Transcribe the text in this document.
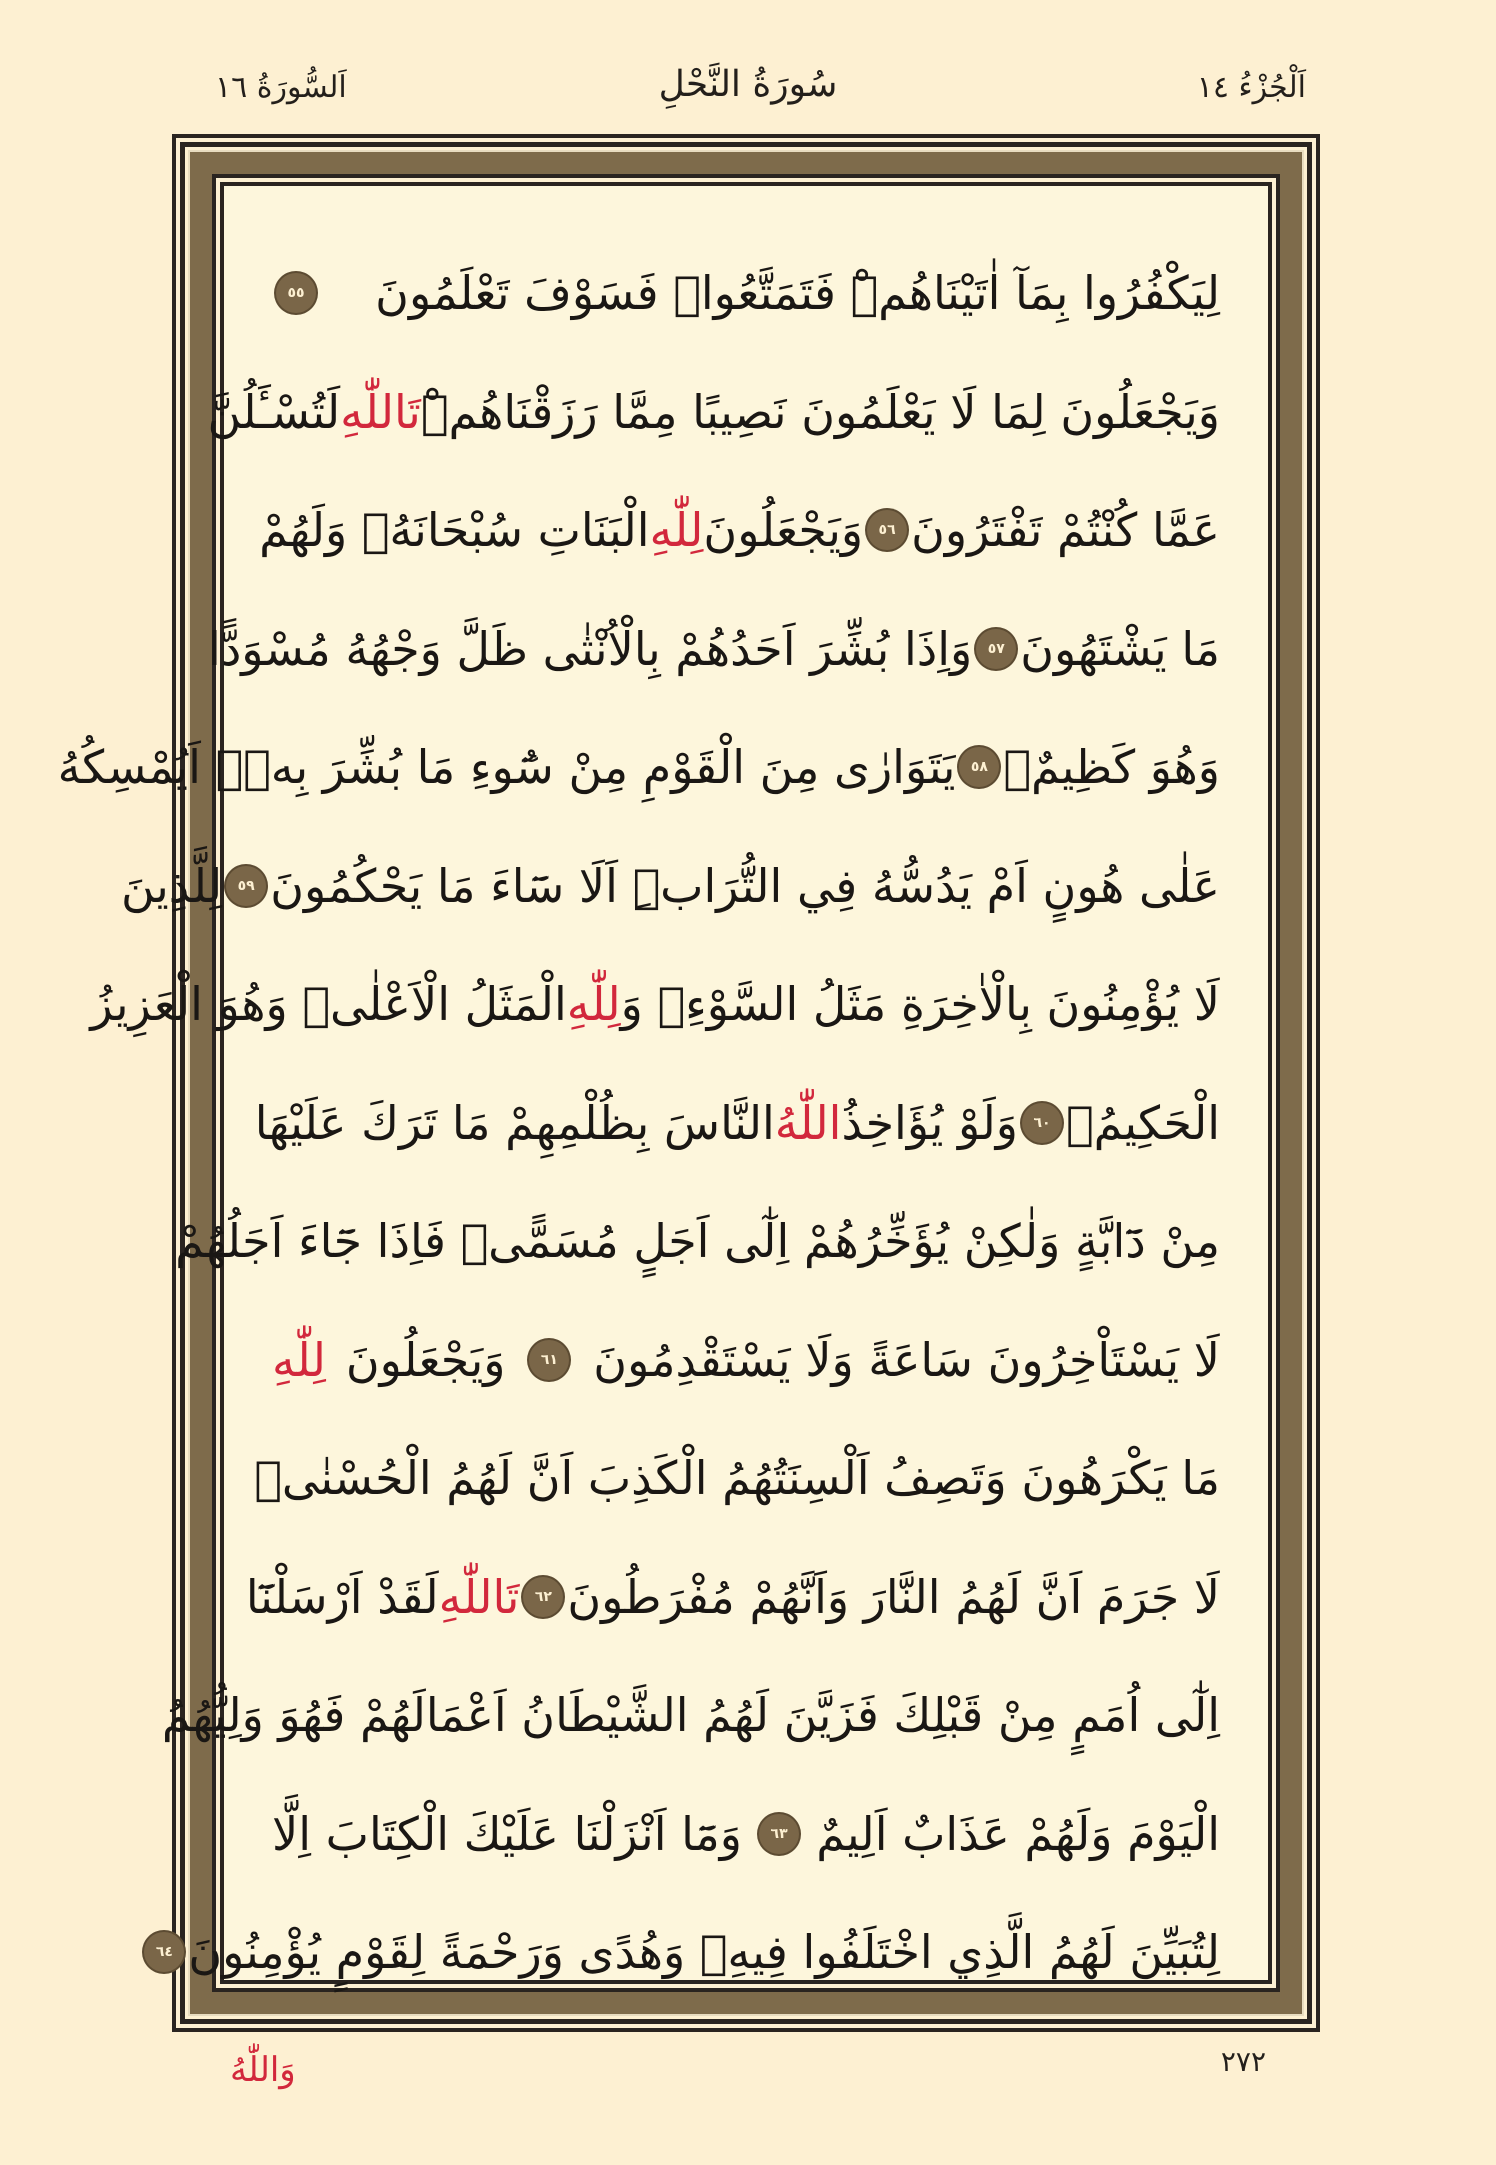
اَلْجُزْءُ ١٤
سُورَةُ النَّحْلِ
اَلسُّورَةُ ١٦
لِيَكْفُرُوا بِمَآ اٰتَيْنَاهُمْۜ فَتَمَتَّعُواۜ فَسَوْفَ تَعْلَمُونَ
٥٥
وَيَجْعَلُونَ لِمَا لَا يَعْلَمُونَ نَصِيبًا مِمَّا رَزَقْنَاهُمْۜ
تَاللّٰهِ
لَتُسْـَٔلُنَّ
عَمَّا كُنْتُمْ تَفْتَرُونَ
٥٦
وَيَجْعَلُونَ
لِلّٰهِ
الْبَنَاتِ سُبْحَانَهُۙ وَلَهُمْ
مَا يَشْتَهُونَ
٥٧
وَاِذَا بُشِّرَ اَحَدُهُمْ بِالْاُنْثٰى ظَلَّ وَجْهُهُ مُسْوَدًّا
وَهُوَ كَظِيمٌۚ
٥٨
يَتَوَارٰى مِنَ الْقَوْمِ مِنْ سُٓوءِ مَا بُشِّرَ بِهٖۜ اَيُمْسِكُهُ
عَلٰى هُونٍ اَمْ يَدُسُّهُ فِي التُّرَابِۜ اَلَا سَٓاءَ مَا يَحْكُمُونَ
٥٩
لِلَّذِينَ
لَا يُؤْمِنُونَ بِالْاٰخِرَةِ مَثَلُ السَّوْءِۚ وَ
لِلّٰهِ
الْمَثَلُ الْاَعْلٰىۜ وَهُوَ الْعَزِيزُ
الْحَكِيمُ۟
٦٠
وَلَوْ يُؤَاخِذُ
اللّٰهُ
النَّاسَ بِظُلْمِهِمْ مَا تَرَكَ عَلَيْهَا
مِنْ دَٓابَّةٍ وَلٰكِنْ يُؤَخِّرُهُمْ اِلٰٓى اَجَلٍ مُسَمًّىۚ فَاِذَا جَٓاءَ اَجَلُهُمْ
لَا يَسْتَاْخِرُونَ سَاعَةً وَلَا يَسْتَقْدِمُونَ
٦١
وَيَجْعَلُونَ
لِلّٰهِ
مَا يَكْرَهُونَ وَتَصِفُ اَلْسِنَتُهُمُ الْكَذِبَ اَنَّ لَهُمُ الْحُسْنٰىۜ
لَا جَرَمَ اَنَّ لَهُمُ النَّارَ وَاَنَّهُمْ مُفْرَطُونَ
٦٢
تَاللّٰهِ
لَقَدْ اَرْسَلْنَٓا
اِلٰٓى اُمَمٍ مِنْ قَبْلِكَ فَزَيَّنَ لَهُمُ الشَّيْطَانُ اَعْمَالَهُمْ فَهُوَ وَلِيُّهُمُ
الْيَوْمَ وَلَهُمْ عَذَابٌ اَلِيمٌ
٦٣
وَمَٓا اَنْزَلْنَا عَلَيْكَ الْكِتَابَ اِلَّا
لِتُبَيِّنَ لَهُمُ الَّذِي اخْتَلَفُوا فِيهِۙ وَهُدًى وَرَحْمَةً لِقَوْمٍ يُؤْمِنُونَ
٦٤
٢٧٢
وَاللّٰهُ
